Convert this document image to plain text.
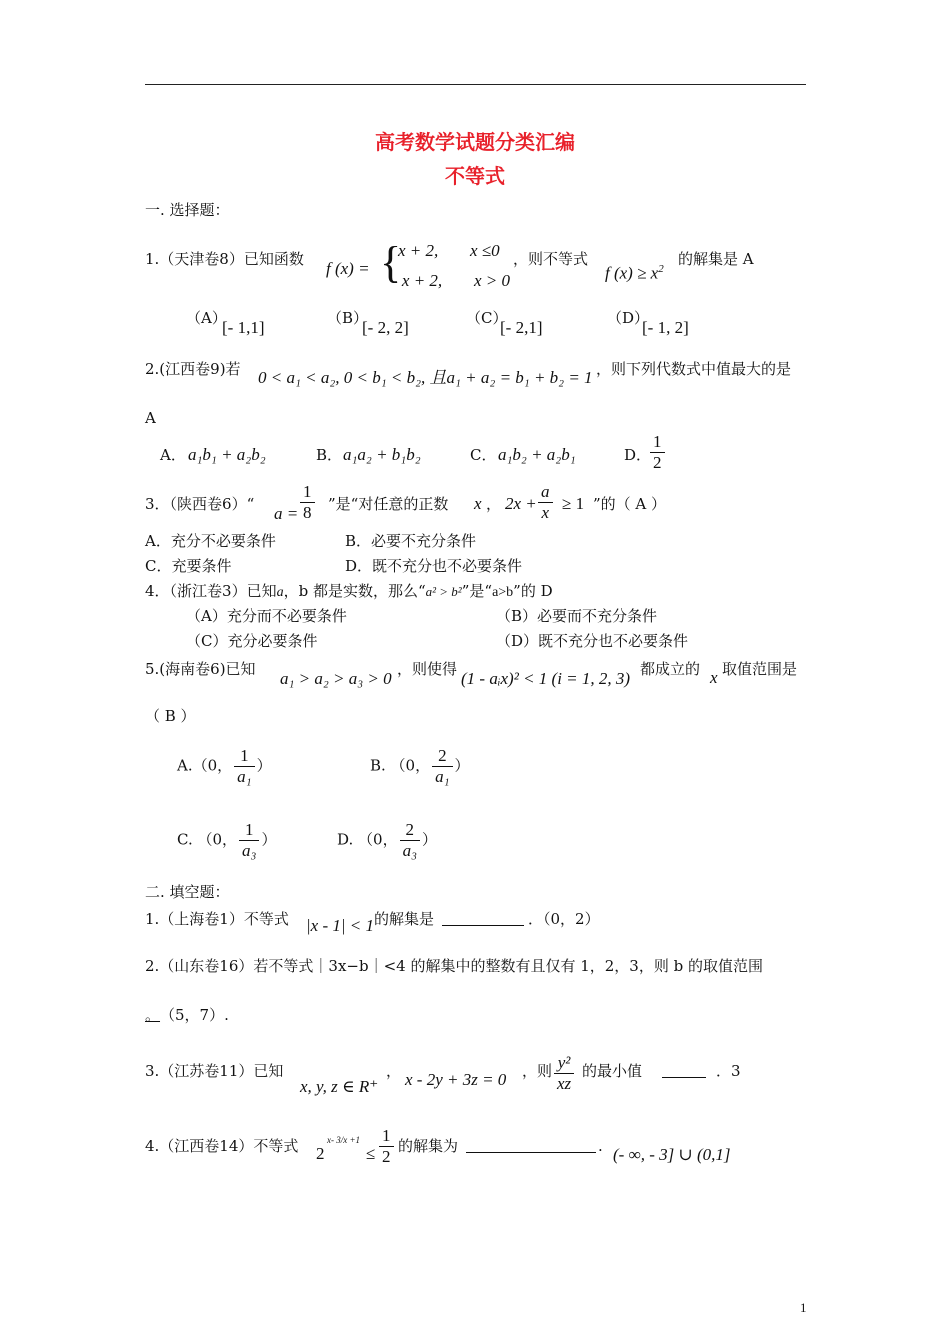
高考数学试题分类汇编
不等式
一. 选择题：
1.（天津卷8）已知函数 f (x) = {
x + 2, x ≤0
- x + 2, x > 0
，则不等式
f $(x) \ge x^2$
的解集是 A
（A）
[- 1,1]	（B）
[- 2, 2]	（C）
[- 2,1]	（D）
[- 1, 2]
2.(江西卷9)若 0 < a₁ < a₂, 0 < b₁ < b₂, 且a₁ + a₂ = b₁ + b₂ = 1 ，则下列代数式中值最大的是
A
A． a₁b₁ + a₂b₂	B． a₁a₂ + b₁b₂	C． a₁b₂ + a₂b₁	D．
$\frac{1}{2}$
3．（陕西卷6）“ $a = \frac{1}{8}$ ”是“对任意的正数 x ， $2x + \frac{a}{x} \ge 1$ ”的（ A ）
A．充分不必要条件	B．必要不充分条件
C．充要条件	D．既不充分也不必要条件
4．（浙江卷3）已知a，b 都是实数，那么“a² > b²”是“a>b”的 D
（A）充分而不必要条件	（B）必要而不充分条件
（C）充分必要条件	（D）既不充分也不必要条件
5.(海南卷6)已知 a₁ > a₂ > a₃ > 0 ，则使得 (1 - aᵢx)² < 1 (i = 1, 2, 3) 都成立的 x 取值范围是
（ B ）
A.（0， $\frac{1}{\text{a₁}}$ ）	B. （0， $\frac{2}{\text{a₁}}$ ）
C. （0， $\frac{1}{\text{a₃}}$ ）	D. （0， $\frac{2}{\text{a₃}}$ ）
二. 填空题：
1.（上海卷1）不等式 |x - 1| < 1 的解集是	．（0，2）
2.（山东卷16）若不等式｜3x−b｜<4 的解集中的整数有且仅有 1，2，3，则 b 的取值范围
。 （5，7）.
3.（江苏卷11）已知
x, y, z ∈ R⁺
， x - 2y + 3z = 0 ，则 $\frac{\text{y²}}{xz}$ 的最小值	．3
4.（江西卷14）不等式 2
x- 3/x +1
≤ $\frac{1}{2}$ 的解集为	. (- ∞, - 3] ∪ (0,1]
1
